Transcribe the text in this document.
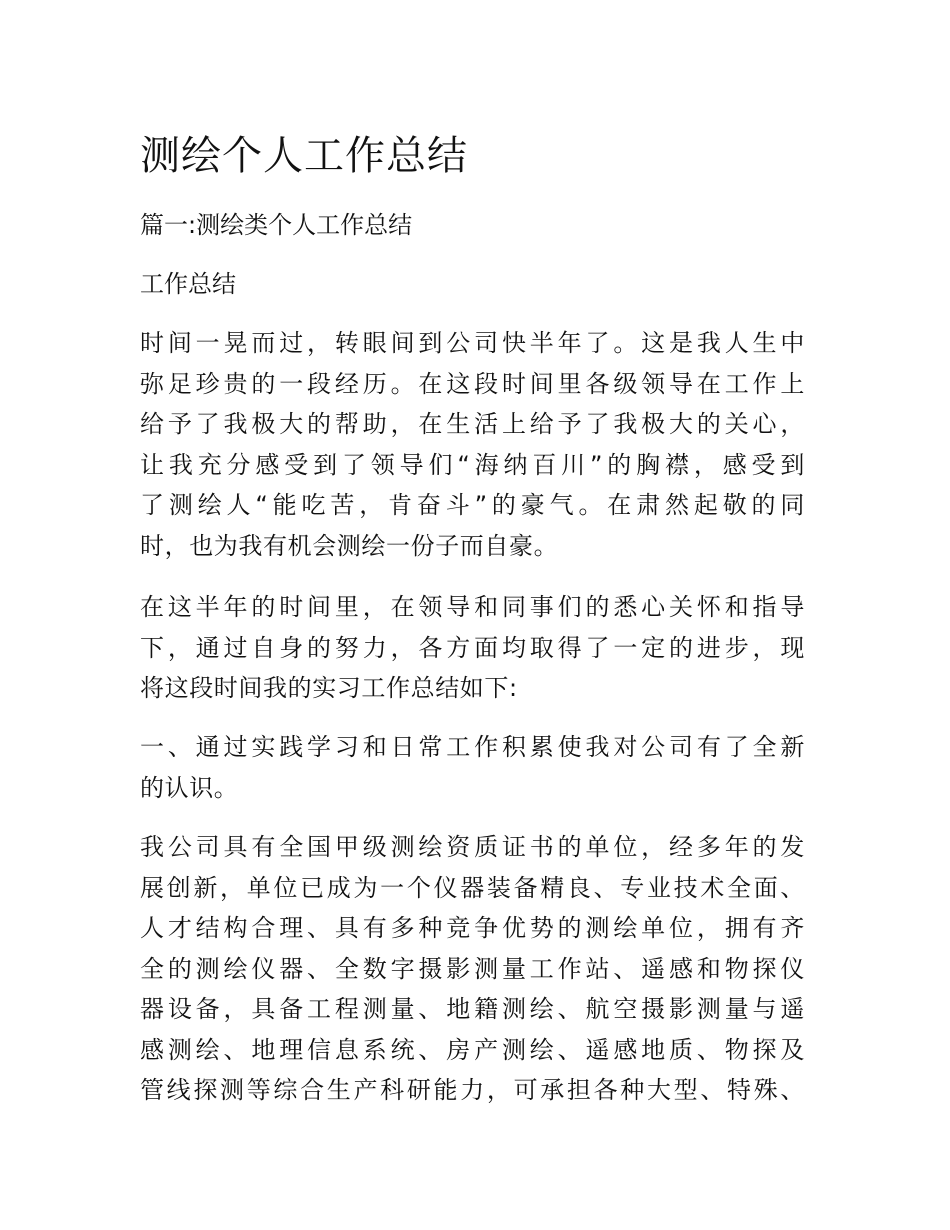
测绘个人工作总结
篇一:测绘类个人工作总结
工作总结

时间一晃而过，转眼间到公司快半年了。这是我人生中
弥足珍贵的一段经历。在这段时间里各级领导在工作上
给予了我极大的帮助，在生活上给予了我极大的关心，
让我充分感受到了领导们“海纳百川”的胸襟，感受到
了测绘人“能吃苦，肯奋斗”的豪气。在肃然起敬的同
时，也为我有机会测绘一份子而自豪。

在这半年的时间里，在领导和同事们的悉心关怀和指导
下，通过自身的努力，各方面均取得了一定的进步，现
将这段时间我的实习工作总结如下:

一、通过实践学习和日常工作积累使我对公司有了全新
的认识。

我公司具有全国甲级测绘资质证书的单位，经多年的发
展创新，单位已成为一个仪器装备精良、专业技术全面、
人才结构合理、具有多种竞争优势的测绘单位，拥有齐
全的测绘仪器、全数字摄影测量工作站、遥感和物探仪
器设备，具备工程测量、地籍测绘、航空摄影测量与遥
感测绘、地理信息系统、房产测绘、遥感地质、物探及
管线探测等综合生产科研能力，可承担各种大型、特殊、
